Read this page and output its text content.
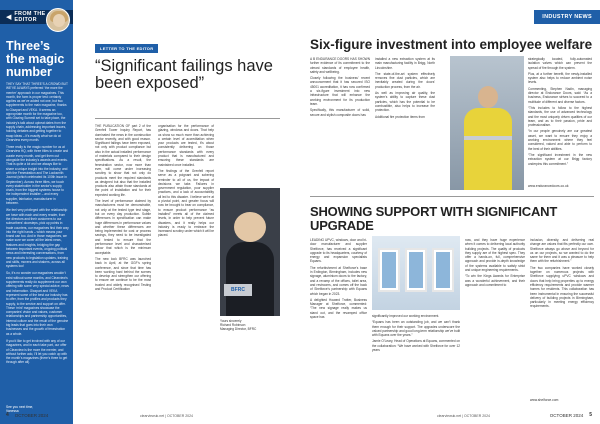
◀ FROM THE EDITOR
Three’s the magic number

THEY SAY THAT THREE’S A CROWD BUT WE’VE ALWAYS preferred ‘the more the merrier’ approach in our magazines. This month, the form is proper test: certainly applies as we’ve added not one, but two supplements to the main magazine, thanks to Glazpart and VEKA. It seems an appropriate month for the magazine too, with Glazing Summit set to take place, the industry’s talk about upbeat dates from the supply chain, addressing important issues, holding debates and getting together to swap ideas – it’s exactly what we do at Clearview every month.

Three really is the magic number for us at Clearview HQ, with three titles to create and curate every month, and get them out alongside the industry’s awards and events. That is quite a lot and we always like to share a unique insight into the industry, and with the Fenestration and The Locksmith Journal (which celebrated its 100th issue in September). Across three titles, we touch every stakeholder in the sector’s supply chain, from the biggest systems house to the independent installer – and every supplier, fabricator, manufacturer in between.

We feel very privileged with the relationship we have with each and every reader, from the directors and their customers to our subscribers’ doorsteps, pick up points in trade counters, our magazines find their way into the right hands – which means your brand can too. And in those magazines, we make sure we cover all the latest news, features and insights, bridging the gap between important events, ongoing political news and interesting conversations, from new products to legislation updates, training and skills, movers and shakers, across all systems too!

So, it’s no wonder our magazines wouldn’t exist without some months, and Clearview’s supplements really do supplement our own offering with some very special advice, news and information. Glazpart and VEKA represent some of the best our industry has to offer, from the profiles and products they supply, to the service and support on offer. These ‘mini’ magazines showcase the companies’ vision and values, customer relationships and partnership opportunities, internal culture and the result of the genuine big leads that goes into their own businesses and the growth of fenestration as a whole.

If you’d like to get involved with any of our magazines, and in each take part, our offer of Clearview is the more the merrier, and without further ado, I’ll let you catch up with the month’s magazines (there’s three to get through after all).

See you next time,
Vanessa
LETTER TO THE EDITOR
“Significant failings have been exposed”

THE PUBLICATION OF part 2 of the Grenfell Tower Inquiry Report, has dominated the news in the construction sector recently, and with good reason. Significant failings have been exposed, not only with product compliance but also in the actual installed performance of materials compared to their design specifications. As a result, the fenestration sector, now more than ever, will come under increasing scrutiny to show that not only do products meet the required standards as designed but also that the installed products also attain those standards at the point of installation and for their expected working life.

The level of performance claimed by manufacturers must be demonstrable, not only at the tested type test stage, but on every day production. Subtle differences in specification can make huge differences in performance values and whether these differences are being implemented for cost or process savings, they need to be investigated and tested to ensure that the performance level and characterised below that which is the minimum acceptable.

The new look BFRC was launched back in April, at the GGF’s spring conference, and since that time has been working hard behind the scenes to develop and strengthen our offering to ensure we continue to be the most trusted and widely recognised Testing and Product Certification

organisation for the performance of glazing, windows and doors. That help us show so much more than achieving a certain level of accreditation when your products are tested, it’s about consistently delivering on those performance standards with every product that is manufactured and ensuring these standards are maintained once installed.

The findings of the Grenfell report serve as a poignant and sobering reminder to all of us, the impact of decisions we take. Failures in government regulation, poor supplier practices, and a lack of accountability all led to this disaster. I believe we’re at a pivotal point, and greater focus will now be brought to bear on compliance, to ensure product performance “as installed” meets all of the claimed levels, in order to help prevent future disasters, and it really helps our industry is ready to embrace the increased scrutiny under which it will be placed.

BFRC
Yours sincerely
Richard Robinson
Managing Director, BFRC
4 OCTOBER 2024	clearviewuk.net | OCTOBER 2024
INDUSTRY NEWS
Six-figure investment into employee welfare

A B ENDURANCE DOORS HAS SHOWN further evidence of its commitment to the utmost standards of employee health, safety and wellbeing.

Closely following the business’ recent announcement that it has secured ISO 45001 accreditation, it has now confirmed a six-figure investment into new infrastructure that will enhance the working environment for its production team.

Specifically, this manufacturer of solid, secure and stylish composite doors has

installed a new extraction system at its main manufacturing facility in Brigg, North Lincolnshire.

The state-of-the-art system effectively removes fine dust particles, which are inevitably created during the doors’ production process, from the air.

As well as improving air quality, the system’s ability to capture these dust particles, which has the potential to be combustible, also helps to increase fire protection.

Additional fire protection items from

strategically located, fully-automated isolation valves which can prevent the spread of fire through the system.

Plus, at a further benefit, the newly-installed system also helps to reduce ambient noise levels.

Commenting, Stephen Nadin, managing director at Endurance Doors, said: “As a business, Endurance strives to succeed to a multitude of different and diverse factors.

“This includes to follow to the highest standards, the use of advanced technology and the most uniquely driven qualities of our team, and as to their passion, pride and professionalism.

“In our people genuinely are our greatest asset, we want to ensure they enjoy a working environment where they feel considered, valued and able to perform to the best of their abilities.

“The significant investment in the new extraction system at our Brigg factory underpins this commitment.”

www.endurancedoors.co.uk
SHOWING SUPPORT WITH SIGNIFICANT UPGRADE

LEADING UPVC, windows, door and bi-door manufacturer and supplier Shelforce, has received a significant upgrade to its headquarters, courtesy of energy and expansion specialists Equans.

The refurbishment at Shelforce’s base in Erdington, Birmingham, includes new signage, aluminium doors to the factory, and a revamp of the offices, toilet area, and restrooms, and comes off the back of Shelforce’s partnership with Equans which began in 2023.

A delighted Howard Trotter, Business Manager at Shelforce, commented: “The new signage really makes us stand out, and the revamped office space has	significantly improved our working environment.

“Equans has been an outstanding job, and we can’t thank them enough for their support. The upgrades underscore the valued partnership and good long-term relationship we’ve built with Equans over the years.”

Jamie O’Leary, Head of Operations at Equans, commented on the collaboration: “We have worked with Shelforce for over 12 years

now, and they have huge experience when it comes to delivering local authority building projects. The quality of products they supply are of the highest spec. They offer a hands-on, full, comprehensive approach and provide in-depth knowledge of the systems available to satisfy strict and unique engineering requirements.

“To win the Kings Awards for Enterprise was a wonderful achievement, and their approach and commitment to

inclusion, diversity, and delivering real change are values that fits perfectly our own. Shelforce always go above and beyond for us on our projects, so we wanted to do the same for them and it was a pleasure to help them with the refurbishment.”

The two companies have worked closely together on numerous projects with Shelforce supplying uPVC windows and doors that help bring properties up to energy efficiency requirements and provide warmer homes for residents. This collaboration has been instrumental in ensuring the successful delivery of building projects in Birmingham, particularly in meeting energy efficiency requirements.

www.shelforce.com
clearviewuk.net | OCTOBER 2024	OCTOBER 2024 5
